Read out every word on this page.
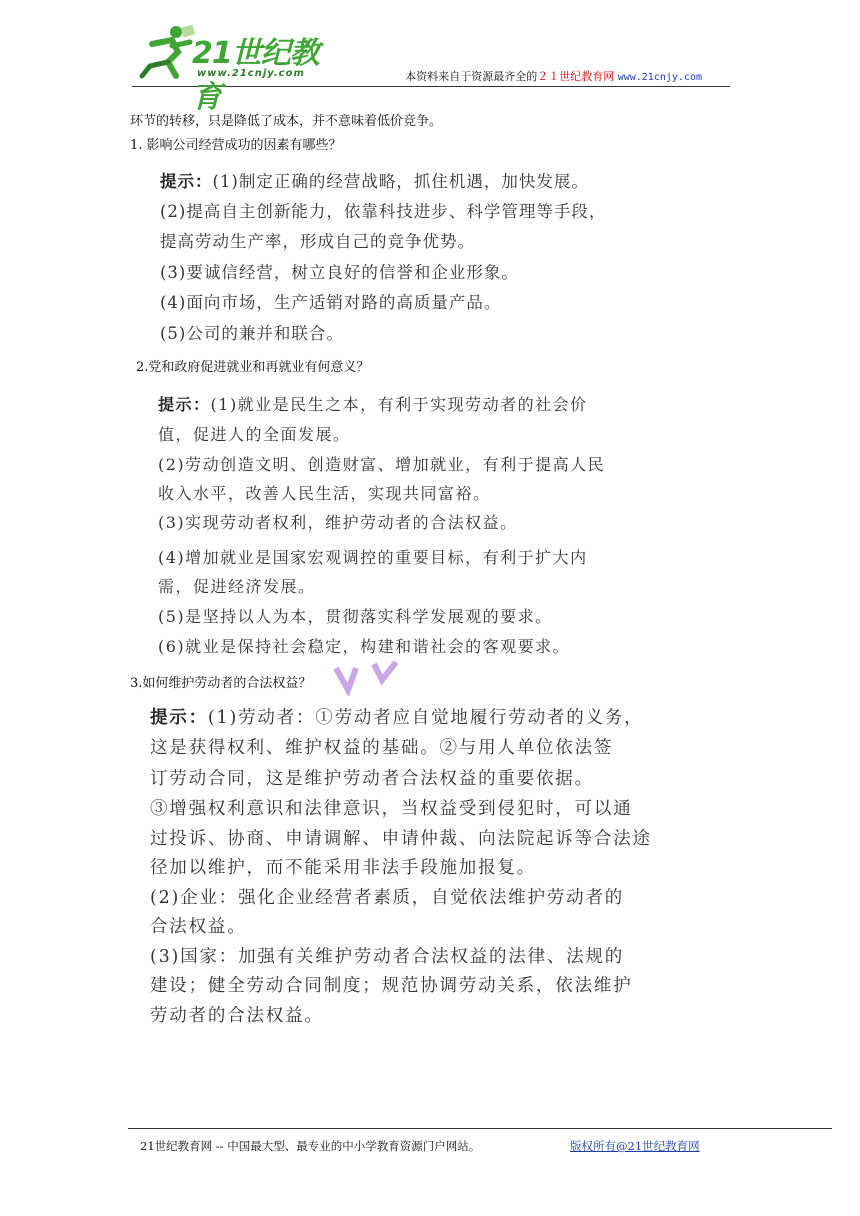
21世纪教育
www.21cnjy.com	本资料来自于资源最齐全的２１世纪教育网 www.21cnjy.com
环节的转移，只是降低了成本，并不意味着低价竞争。
1. 影响公司经营成功的因素有哪些？
提示：(1)制定正确的经营战略，抓住机遇，加快发展。
(2)提高自主创新能力，依靠科技进步、科学管理等手段，
提高劳动生产率，形成自己的竞争优势。
(3)要诚信经营，树立良好的信誉和企业形象。
(4)面向市场，生产适销对路的高质量产品。
(5)公司的兼并和联合。
2.党和政府促进就业和再就业有何意义？
提示：(1)就业是民生之本，有利于实现劳动者的社会价
值，促进人的全面发展。
(2)劳动创造文明、创造财富、增加就业，有利于提高人民
收入水平，改善人民生活，实现共同富裕。
(3)实现劳动者权利，维护劳动者的合法权益。
(4)增加就业是国家宏观调控的重要目标，有利于扩大内
需，促进经济发展。
(5)是坚持以人为本，贯彻落实科学发展观的要求。
(6)就业是保持社会稳定，构建和谐社会的客观要求。
3.如何维护劳动者的合法权益？
提示：(1)劳动者：①劳动者应自觉地履行劳动者的义务，
这是获得权利、维护权益的基础。②与用人单位依法签
订劳动合同，这是维护劳动者合法权益的重要依据。
③增强权利意识和法律意识，当权益受到侵犯时，可以通
过投诉、协商、申请调解、申请仲裁、向法院起诉等合法途
径加以维护，而不能采用非法手段施加报复。
(2)企业：强化企业经营者素质，自觉依法维护劳动者的
合法权益。
(3)国家：加强有关维护劳动者合法权益的法律、法规的
建设；健全劳动合同制度；规范协调劳动关系，依法维护
劳动者的合法权益。
21世纪教育网 -- 中国最大型、最专业的中小学教育资源门户网站。	版权所有@21世纪教育网
